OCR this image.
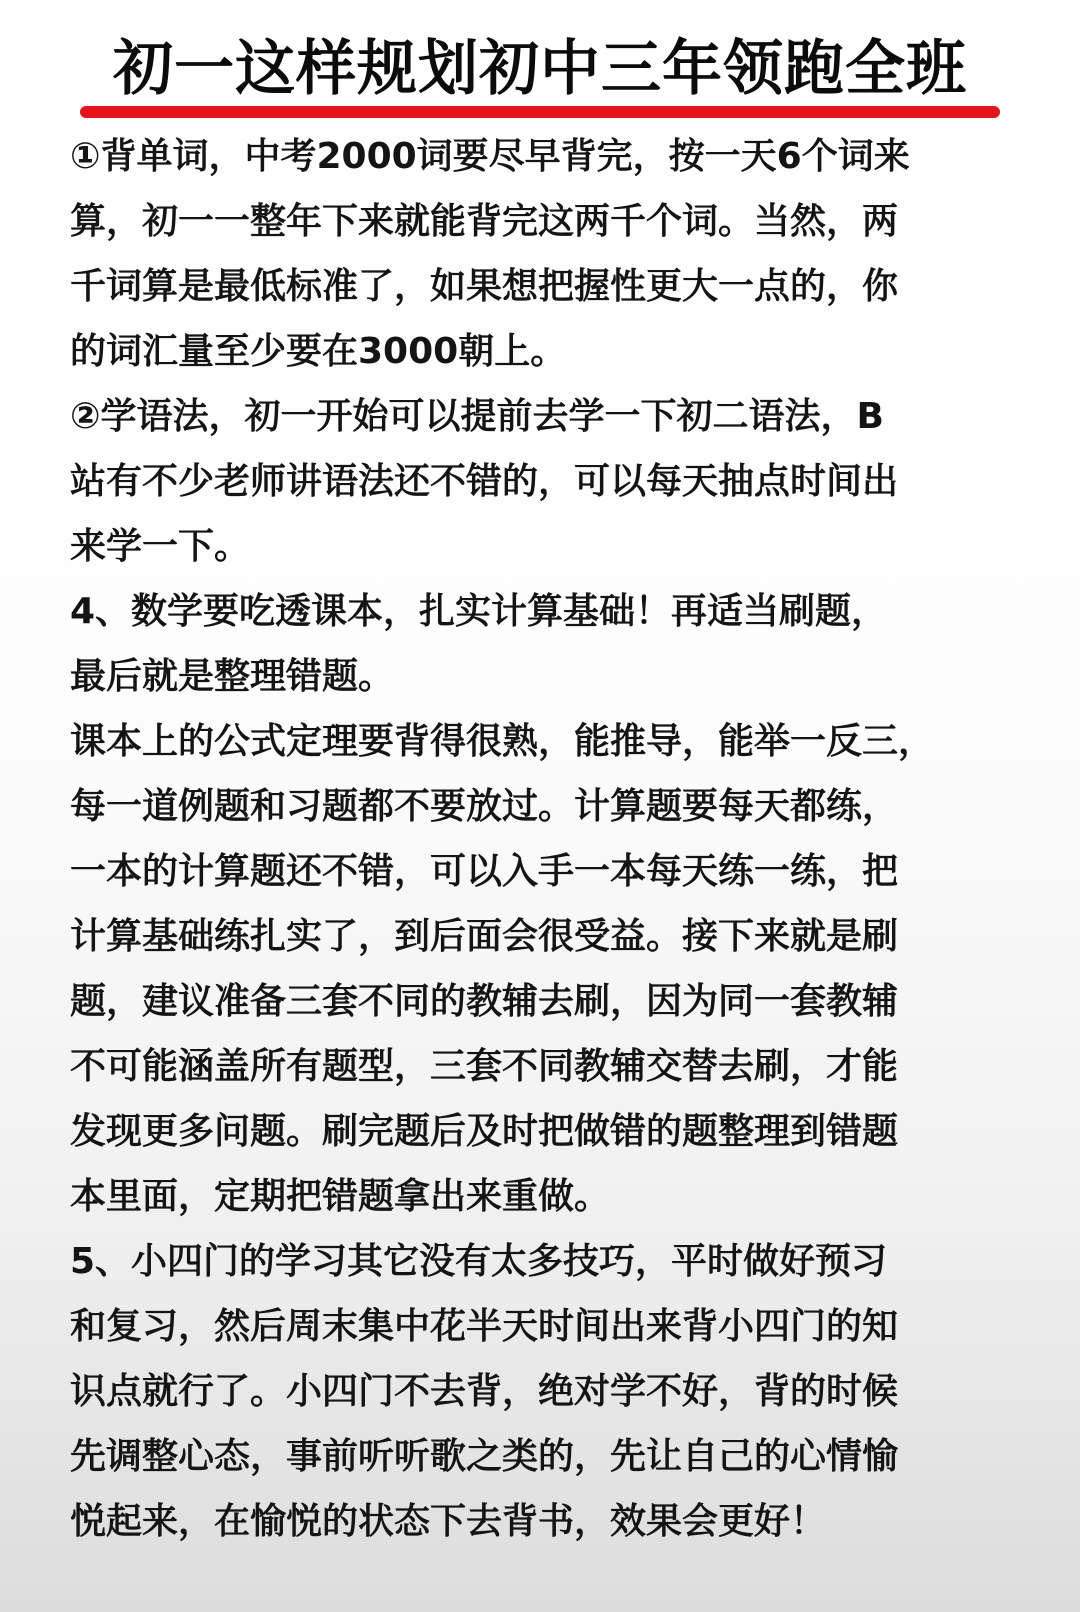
初一这样规划初中三年领跑全班

①背单词，中考2000词要尽早背完，按一天6个词来
算，初一一整年下来就能背完这两千个词。当然，两
千词算是最低标准了，如果想把握性更大一点的，你
的词汇量至少要在3000朝上。

②学语法，初一开始可以提前去学一下初二语法，B
站有不少老师讲语法还不错的，可以每天抽点时间出
来学一下。

4、数学要吃透课本，扎实计算基础！再适当刷题，
最后就是整理错题。

课本上的公式定理要背得很熟，能推导，能举一反三，
每一道例题和习题都不要放过。计算题要每天都练，
一本的计算题还不错，可以入手一本每天练一练，把
计算基础练扎实了，到后面会很受益。接下来就是刷
题，建议准备三套不同的教辅去刷，因为同一套教辅
不可能涵盖所有题型，三套不同教辅交替去刷，才能
发现更多问题。刷完题后及时把做错的题整理到错题
本里面，定期把错题拿出来重做。

5、小四门的学习其它没有太多技巧，平时做好预习
和复习，然后周末集中花半天时间出来背小四门的知
识点就行了。小四门不去背，绝对学不好，背的时候
先调整心态，事前听听歌之类的，先让自己的心情愉
悦起来，在愉悦的状态下去背书，效果会更好！
